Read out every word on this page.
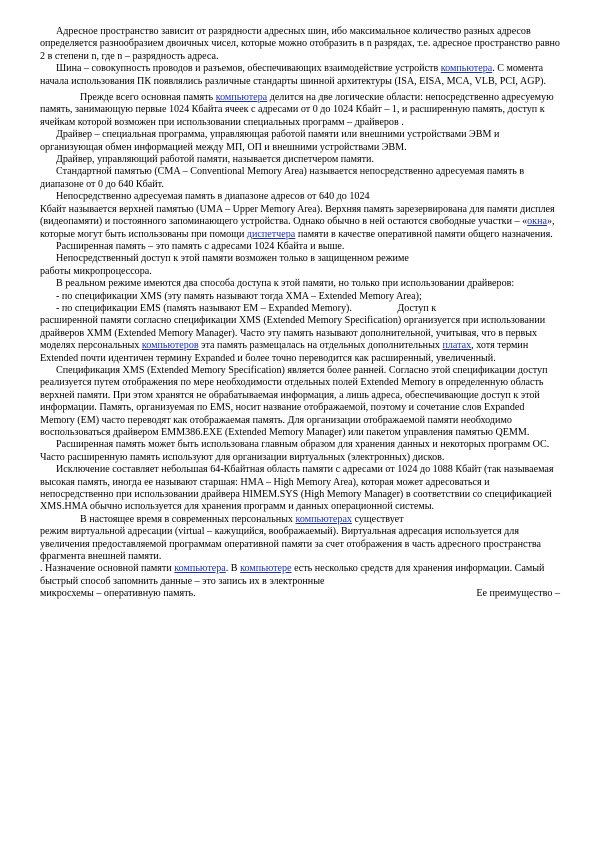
Адресное пространство зависит от разрядности адресных шин, ибо максимальное количество разных адресов определяется разнообразием двоичных чисел, которые можно отобразить в n разрядах, т.е. адресное пространство равно 2 в степени n, где n – разрядность адреса.

Шина – совокупность проводов и разъемов, обеспечивающих взаимодействие устройств компьютера. С момента начала использования ПК появлялись различные стандарты шинной архитектуры (ISA, EISA, MCA, VLB, PCI, AGP).

Прежде всего основная память компьютера делится на две логические области: непосредственно адресуемую память, занимающую первые 1024 Кбайта ячеек с адресами от 0 до 1024 Кбайт – 1, и расширенную память, доступ к ячейкам которой возможен при использовании специальных программ – драйверов .

Драйвер – специальная программа, управляющая работой памяти или внешними устройствами ЭВМ и организующая обмен информацией между МП, ОП и внешними устройствами ЭВМ.

Драйвер, управляющий работой памяти, называется диспетчером памяти.

Стандартной памятью (CMA – Conventional Memory Area) называется непосредственно адресуемая память в диапазоне от 0 до 640 Кбайт.

Непосредственно адресуемая память в диапазоне адресов от 640 до 1024

Кбайт называется верхней памятью (UMA – Upper Memory Area). Верхняя память зарезервирована для памяти дисплея (видеопамяти) и постоянного запоминающего устройства. Однако обычно в ней остаются свободные участки – «окна», которые могут быть использованы при помощи диспетчера памяти в качестве оперативной памяти общего назначения.

Расширенная память – это память с адресами 1024 Кбайта и выше.

Непосредственный доступ к этой памяти возможен только в защищенном режиме

работы микропроцессора.

В реальном режиме имеются два способа доступа к этой памяти, но только при использовании драйверов:

- по спецификации XMS (эту память называют тогда XMA – Extended Memory Area);

- по спецификации EMS (память называют EM – Expanded Memory).	Доступ к

расширенной памяти согласно спецификации XMS (Extended Memory Specification) организуется при использовании драйверов XMM (Extended Memory Manager). Часто эту память называют дополнительной, учитывая, что в первых моделях персональных компьютеров эта память размещалась на отдельных дополнительных платах, хотя термин Extended почти идентичен термину Expanded и более точно переводится как расширенный, увеличенный.

Спецификация XMS (Extended Memory Specification) является более ранней. Согласно этой спецификации доступ реализуется путем отображения по мере необходимости отдельных полей Extended Memory в определенную область верхней памяти. При этом хранятся не обрабатываемая информация, а лишь адреса, обеспечивающие доступ к этой информации. Память, организуемая по EMS, носит название отображаемой, поэтому и сочетание слов Expanded Memory (EM) часто переводят как отображаемая память. Для организации отображаемой памяти необходимо воспользоваться драйвером EMM386.EXE (Extended Memory Manager) или пакетом управления памятью QEMM.

Расширенная память может быть использована главным образом для хранения данных и некоторых программ ОС. Часто расширенную память используют для организации виртуальных (электронных) дисков.

Исключение составляет небольшая 64-Кбайтная область памяти с адресами от 1024 до 1088 Кбайт (так называемая высокая память, иногда ее называют старшая: HMA – High Memory Area), которая может адресоваться и непосредственно при использовании драйвера HIMEM.SYS (High Memory Manager) в соответствии со спецификацией XMS.HMA обычно используется для хранения программ и данных операционной системы.

В настоящее время в современных персональных компьютерах существует

режим виртуальной адресации (virtual – кажущийся, воображаемый). Виртуальная адресация используется для увеличения предоставляемой программам оперативной памяти за счет отображения в часть адресного пространства фрагмента внешней памяти.

. Назначение основной памяти компьютера. В компьютере есть несколько средств для хранения информации. Самый быстрый способ запомнить данные – это запись их в электронные

микросхемы – оперативную память.	Ее преимущество –
